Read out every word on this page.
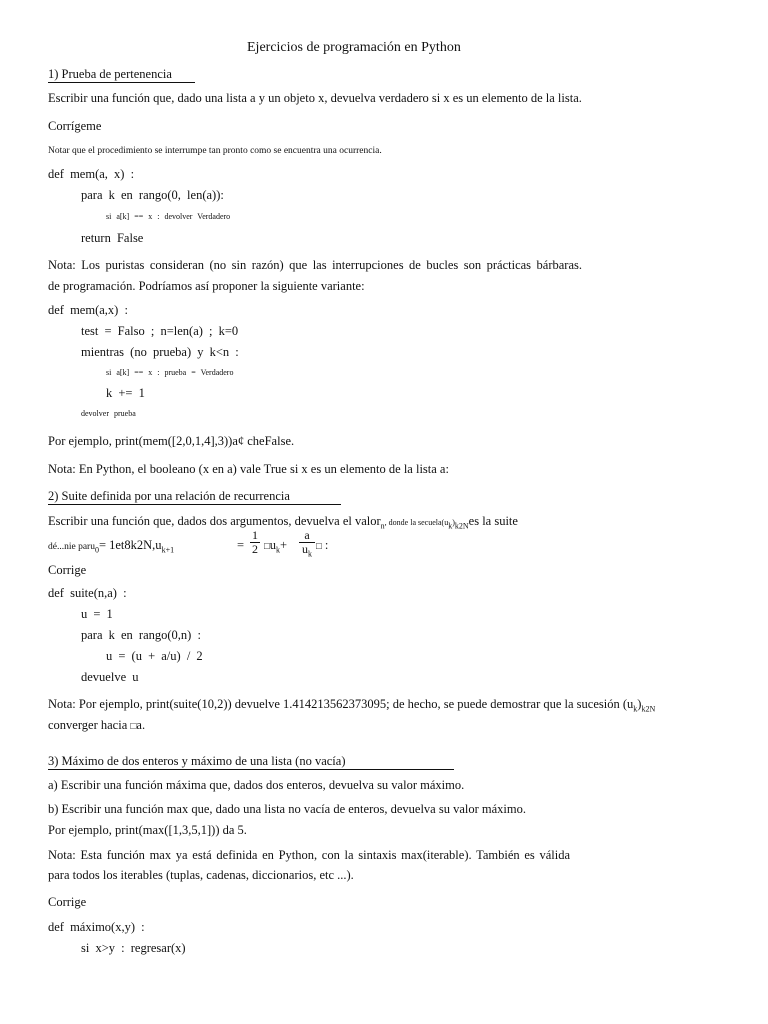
Ejercicios de programación en Python
1) Prueba de pertenencia
Escribir una función que, dado una lista a y un objeto x, devuelva verdadero si x es un elemento de la lista.
Corrígeme
Notar que el procedimiento se interrumpe tan pronto como se encuentra una ocurrencia.
def mem(a, x) :
para k en rango(0, len(a)):
si a[k] == x : devolver Verdadero
return False
Nota: Los puristas consideran (no sin razón) que las interrupciones de bucles son prácticas bárbaras.
de programación. Podríamos así proponer la siguiente variante:
def mem(a,x) :
test = Falso ; n=len(a) ; k=0
mientras (no prueba) y k<n :
si a[k] == x : prueba = Verdadero
k += 1
devolver prueba
Por ejemplo, print(mem([2,0,1,4],3))a¢ cheFalse.
Nota: En Python, el booleano (x en a) vale True si x es un elemento de la lista a:
2) Suite definida por una relación de recurrencia
Escribir una función que, dados dos argumentos, devuelva el valor$_n$, donde la $secuela(u_k)_{k2N}es$ la suite
dé...nie paru$_0$= $1et8k2N,u_{k+1}$	=
1
2 $□u_k+$
a
$u_k$
□ :
Corrige
def suite(n,a) :
u = 1
para k en rango(0,n) :
u = (u + a/u) / 2
devuelve u
Nota: Por ejemplo, print(suite(10,2)) devuelve 1.414213562373095; de hecho, se puede demostrar que la sucesión $(u_k)_{k2N}$
converger hacia □a.
3) Máximo de dos enteros y máximo de una lista (no vacía)
a) Escribir una función máxima que, dados dos enteros, devuelva su valor máximo.
b) Escribir una función max que, dado una lista no vacía de enteros, devuelva su valor máximo.
Por ejemplo, print(max([1,3,5,1])) da 5.
Nota: Esta función max ya está definida en Python, con la sintaxis max(iterable). También es válida
para todos los iterables (tuplas, cadenas, diccionarios, etc ...).
Corrige
def máximo(x,y) :
si x>y : regresar(x)
